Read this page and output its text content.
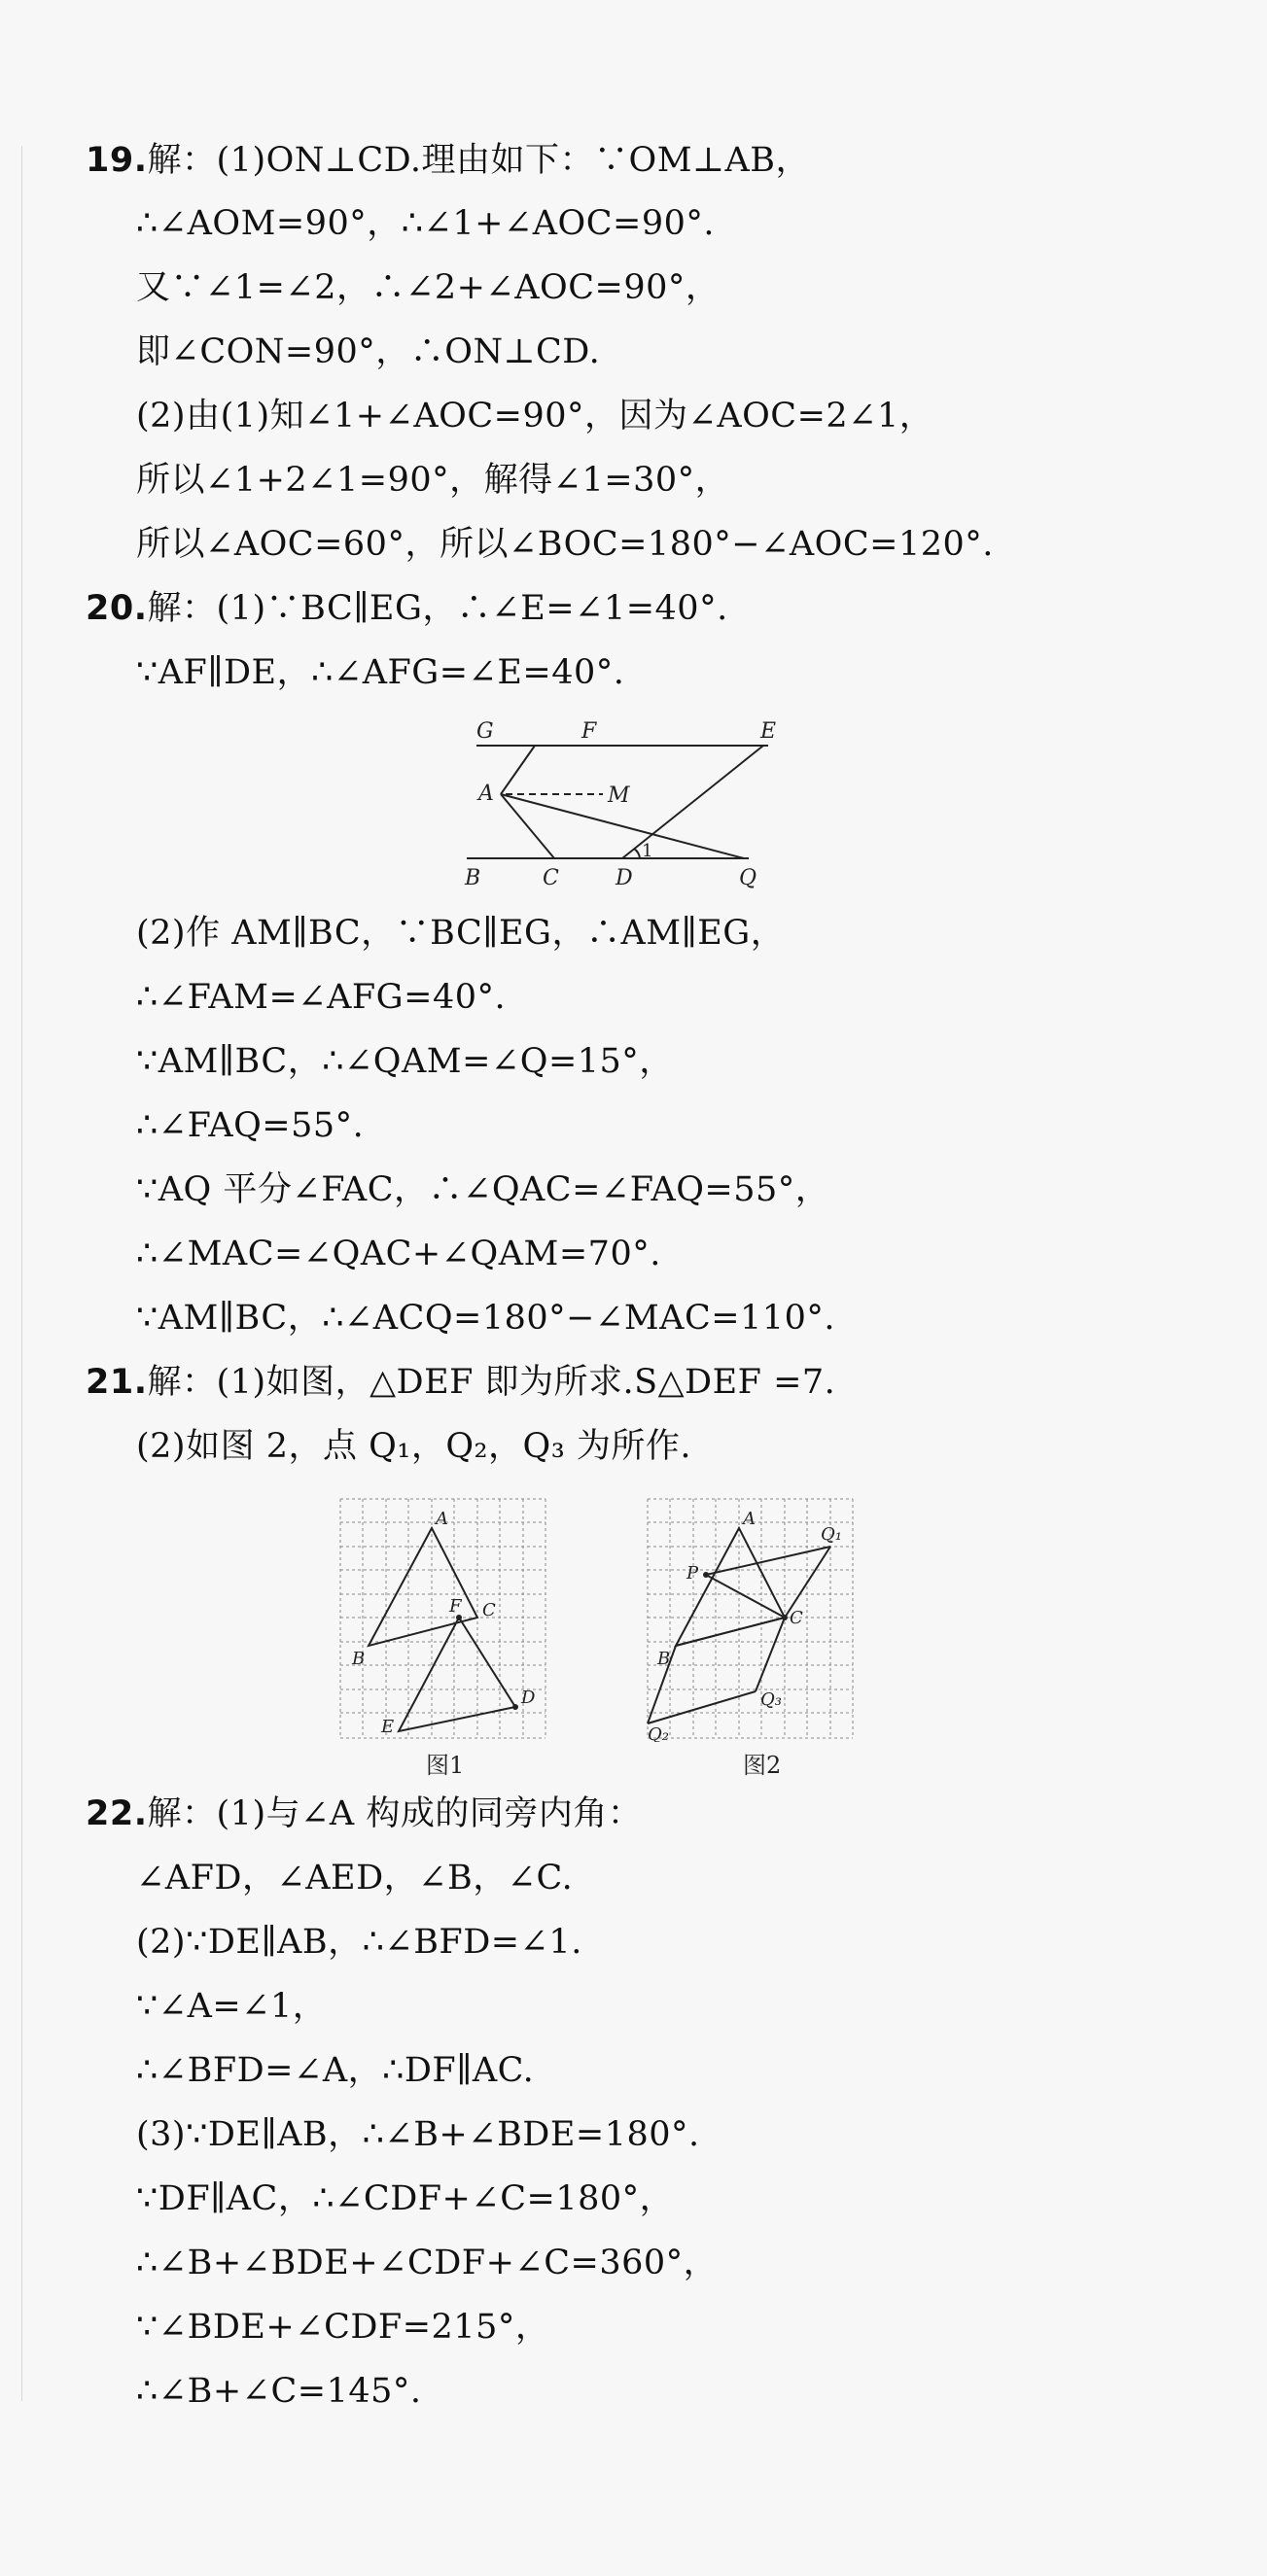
19.解：(1)ON⊥CD.理由如下：∵OM⊥AB，
∴∠AOM=90°，∴∠1+∠AOC=90°.
又∵∠1=∠2，∴∠2+∠AOC=90°，
即∠CON=90°，∴ON⊥CD.
(2)由(1)知∠1+∠AOC=90°，因为∠AOC=2∠1，
所以∠1+2∠1=90°，解得∠1=30°，
所以∠AOC=60°，所以∠BOC=180°−∠AOC=120°.
20.解：(1)∵BC∥EG，∴∠E=∠1=40°.
∵AF∥DE，∴∠AFG=∠E=40°.
(2)作 AM∥BC，∵BC∥EG，∴AM∥EG，
∴∠FAM=∠AFG=40°.
∵AM∥BC，∴∠QAM=∠Q=15°，
∴∠FAQ=55°.
∵AQ 平分∠FAC，∴∠QAC=∠FAQ=55°，
∴∠MAC=∠QAC+∠QAM=70°.
∵AM∥BC，∴∠ACQ=180°−∠MAC=110°.
21.解：(1)如图，△DEF 即为所求.S△DEF =7.
(2)如图 2，点 Q₁，Q₂，Q₃ 为所作.
22.解：(1)与∠A 构成的同旁内角：
∠AFD，∠AED，∠B，∠C.
(2)∵DE∥AB，∴∠BFD=∠1.
∵∠A=∠1，
∴∠BFD=∠A，∴DF∥AC.
(3)∵DE∥AB，∴∠B+∠BDE=180°.
∵DF∥AC，∴∠CDF+∠C=180°，
∴∠B+∠BDE+∠CDF+∠C=360°，
∵∠BDE+∠CDF=215°，
∴∠B+∠C=145°.
G	F	E
A	M
B	C	D	Q
1
A
B
C
F
D
E
图1
A
P
Q₁
C
B
Q₃
Q₂
图2
